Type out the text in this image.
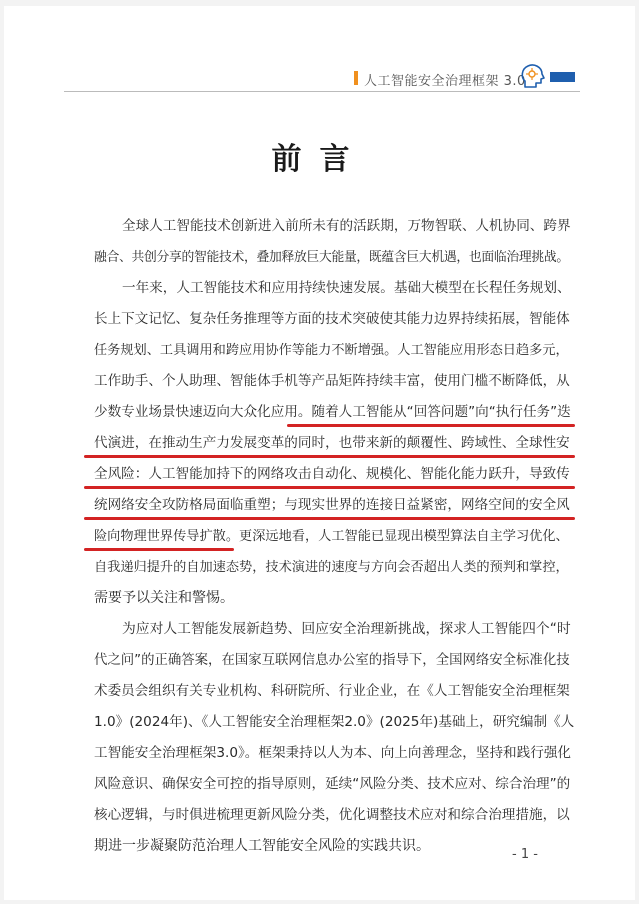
人工智能安全治理框架 3.0
前言
全球人工智能技术创新进入前所未有的活跃期，万物智联、人机协同、跨界
融合、共创分享的智能技术，叠加释放巨大能量，既蕴含巨大机遇，也面临治理挑战。
一年来，人工智能技术和应用持续快速发展。基础大模型在长程任务规划、
长上下文记忆、复杂任务推理等方面的技术突破使其能力边界持续拓展，智能体
任务规划、工具调用和跨应用协作等能力不断增强。人工智能应用形态日趋多元，
工作助手、个人助理、智能体手机等产品矩阵持续丰富，使用门槛不断降低，从
少数专业场景快速迈向大众化应用。随着人工智能从“回答问题”向“执行任务”迭
代演进，在推动生产力发展变革的同时，也带来新的颠覆性、跨域性、全球性安
全风险：人工智能加持下的网络攻击自动化、规模化、智能化能力跃升，导致传
统网络安全攻防格局面临重塑；与现实世界的连接日益紧密，网络空间的安全风
险向物理世界传导扩散。更深远地看，人工智能已显现出模型算法自主学习优化、
自我递归提升的自加速态势，技术演进的速度与方向会否超出人类的预判和掌控，
需要予以关注和警惕。
为应对人工智能发展新趋势、回应安全治理新挑战，探求人工智能四个“时
代之问”的正确答案，在国家互联网信息办公室的指导下，全国网络安全标准化技
术委员会组织有关专业机构、科研院所、行业企业，在《人工智能安全治理框架
1.0》(2024年)、《人工智能安全治理框架2.0》(2025年)基础上，研究编制《人
工智能安全治理框架3.0》。框架秉持以人为本、向上向善理念，坚持和践行强化
风险意识、确保安全可控的指导原则，延续“风险分类、技术应对、综合治理”的
核心逻辑，与时俱进梳理更新风险分类，优化调整技术应对和综合治理措施，以
期进一步凝聚防范治理人工智能安全风险的实践共识。
- 1 -
